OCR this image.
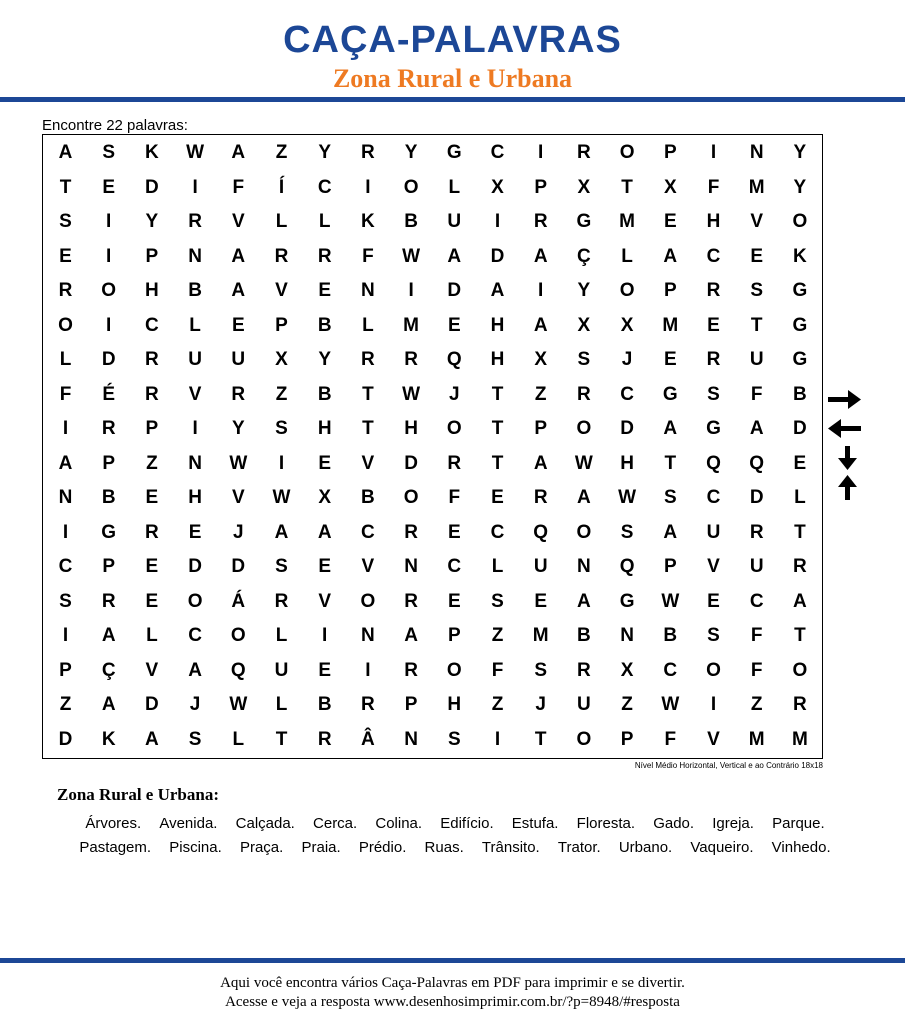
CAÇA-PALAVRAS
Zona Rural e Urbana
Encontre 22 palavras:
A	S	K	W	A	Z	Y	R	Y	G	C	I	R	O	P	I	N	Y
T	E	D	I	F	Í	C	I	O	L	X	P	X	T	X	F	M	Y
S	I	Y	R	V	L	L	K	B	U	I	R	G	M	E	H	V	O
E	I	P	N	A	R	R	F	W	A	D	A	Ç	L	A	C	E	K
R	O	H	B	A	V	E	N	I	D	A	I	Y	O	P	R	S	G
O	I	C	L	E	P	B	L	M	E	H	A	X	X	M	E	T	G
L	D	R	U	U	X	Y	R	R	Q	H	X	S	J	E	R	U	G
F	É	R	V	R	Z	B	T	W	J	T	Z	R	C	G	S	F	B
I	R	P	I	Y	S	H	T	H	O	T	P	O	D	A	G	A	D
A	P	Z	N	W	I	E	V	D	R	T	A	W	H	T	Q	Q	E
N	B	E	H	V	W	X	B	O	F	E	R	A	W	S	C	D	L
I	G	R	E	J	A	A	C	R	E	C	Q	O	S	A	U	R	T
C	P	E	D	D	S	E	V	N	C	L	U	N	Q	P	V	U	R
S	R	E	O	Á	R	V	O	R	E	S	E	A	G	W	E	C	A
I	A	L	C	O	L	I	N	A	P	Z	M	B	N	B	S	F	T
P	Ç	V	A	Q	U	E	I	R	O	F	S	R	X	C	O	F	O
Z	A	D	J	W	L	B	R	P	H	Z	J	U	Z	W	I	Z	R
D	K	A	S	L	T	R	Â	N	S	I	T	O	P	F	V	M	M
Nível Médio Horizontal, Vertical e ao Contrário 18x18
Zona Rural e Urbana:
Árvores. Avenida. Calçada. Cerca. Colina. Edifício. Estufa. Floresta. Gado. Igreja. Parque. Pastagem. Piscina. Praça. Praia. Prédio. Ruas. Trânsito. Trator. Urbano. Vaqueiro. Vinhedo.
Aqui você encontra vários Caça-Palavras em PDF para imprimir e se divertir.
Acesse e veja a resposta www.desenhosimprimir.com.br/?p=8948/#resposta
